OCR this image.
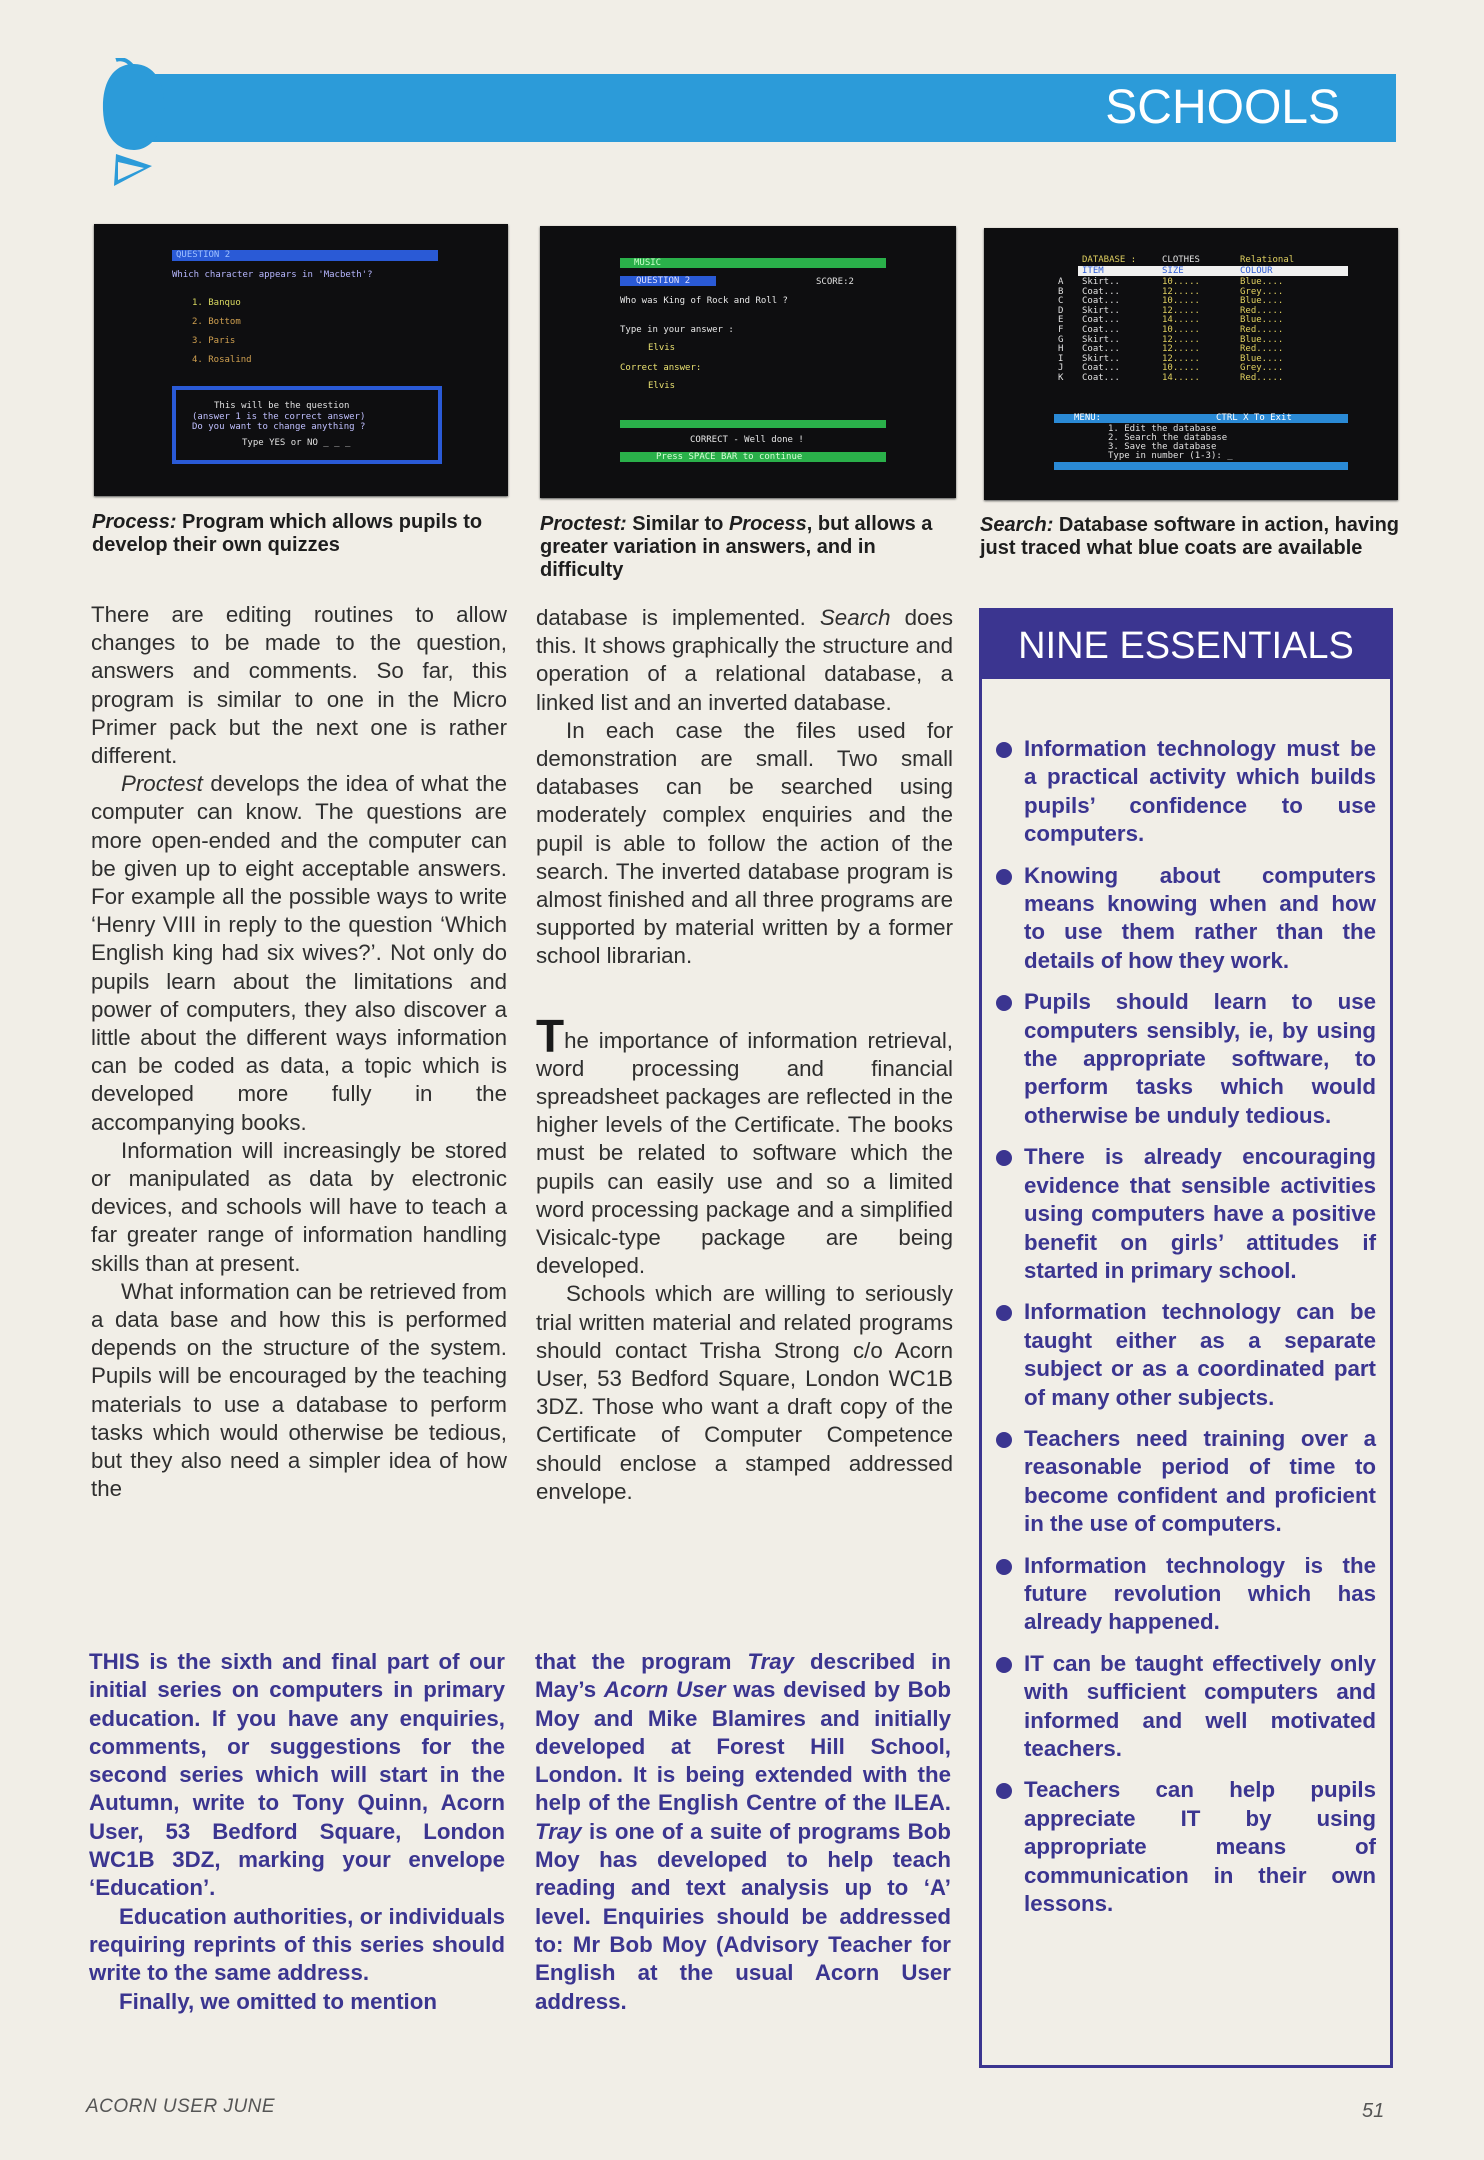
SCHOOLS
QUESTION 2
Which character appears in 'Macbeth'?
1. Banquo
2. Bottom
3. Paris
4. Rosalind
This will be the question
(answer 1 is the correct answer)
Do you want to change anything ?
Type YES or NO _ _ _
MUSIC
QUESTION 2	SCORE:2
Who was King of Rock and Roll ?
Type in your answer :
Elvis
Correct answer:
Elvis
CORRECT - Well done !
Press SPACE BAR to continue
DATABASE :	CLOTHES	Relational
ITEM	SIZE	COLOUR
A Skirt..	10.....	Blue....
B Coat...	12.....	Grey....
C Coat...	10.....	Blue....
D Skirt..	12.....	Red.....
E Coat...	14.....	Blue....
F Coat...	10.....	Red.....
G Skirt..	12.....	Blue....
H Coat...	12.....	Red.....
I Skirt..	12.....	Blue....
J Coat...	10.....	Grey....
K Coat...	14.....	Red.....
MENU:	CTRL X To Exit
1. Edit the database
2. Search the database
3. Save the database
Type in number (1-3): _
Process: Program which allows pupils to develop their own quizzes
Proctest: Similar to Process, but allows a greater variation in answers, and in difficulty
Search: Database software in action, having just traced what blue coats are available

There are editing routines to allow changes to be made to the question, answers and comments. So far, this program is similar to one in the Micro Primer pack but the next one is rather different.

Proctest develops the idea of what the computer can know. The questions are more open-ended and the computer can be given up to eight acceptable answers. For example all the possible ways to write ‘Henry VIII in reply to the question ‘Which English king had six wives?’. Not only do pupils learn about the limitations and power of computers, they also discover a little about the different ways information can be coded as data, a topic which is developed more fully in the accompanying books.

Information will increasingly be stored or manipulated as data by electronic devices, and schools will have to teach a far greater range of information handling skills than at present.

What information can be retrieved from a data base and how this is performed depends on the structure of the system. Pupils will be encouraged by the teaching materials to use a database to perform tasks which would otherwise be tedious, but they also need a simpler idea of how the

database is implemented. Search does this. It shows graphically the structure and operation of a relational database, a linked list and an inverted database.

In each case the files used for demonstration are small. Two small databases can be searched using moderately complex enquiries and the pupil is able to follow the action of the search. The inverted database program is almost finished and all three programs are supported by material written by a former school librarian.

The importance of information retrieval, word processing and financial spreadsheet packages are reflected in the higher levels of the Certificate. The books must be related to software which the pupils can easily use and so a limited word processing package and a simplified Visicalc-type package are being developed.

Schools which are willing to seriously trial written material and related programs should contact Trisha Strong c/o Acorn User, 53 Bedford Square, London WC1B 3DZ. Those who want a draft copy of the Certificate of Computer Competence should enclose a stamped addressed envelope.

THIS is the sixth and final part of our initial series on computers in primary education. If you have any enquiries, comments, or suggestions for the second series which will start in the Autumn, write to Tony Quinn, Acorn User, 53 Bedford Square, London WC1B 3DZ, marking your envelope ‘Education’.

Education authorities, or individuals requiring reprints of this series should write to the same address.

Finally, we omitted to mention

that the program Tray described in May’s Acorn User was devised by Bob Moy and Mike Blamires and initially developed at Forest Hill School, London. It is being extended with the help of the English Centre of the ILEA. Tray is one of a suite of programs Bob Moy has developed to help teach reading and text analysis up to ‘A’ level. Enquiries should be addressed to: Mr Bob Moy (Advisory Teacher for English at the usual Acorn User address.

NINE ESSENTIALS
Information technology must be a practical activity which builds pupils’ confidence to use computers.
Knowing about computers means knowing when and how to use them rather than the details of how they work.
Pupils should learn to use computers sensibly, ie, by using the appropriate software, to perform tasks which would otherwise be unduly tedious.
There is already encouraging evidence that sensible activities using computers have a positive benefit on girls’ attitudes if started in primary school.
Information technology can be taught either as a separate subject or as a coordinated part of many other subjects.
Teachers need training over a reasonable period of time to become confident and proficient in the use of computers.
Information technology is the future revolution which has already happened.
IT can be taught effectively only with sufficient computers and informed and well motivated teachers.
Teachers can help pupils appreciate IT by using appropriate means of communication in their own lessons.
ACORN USER JUNE	51
